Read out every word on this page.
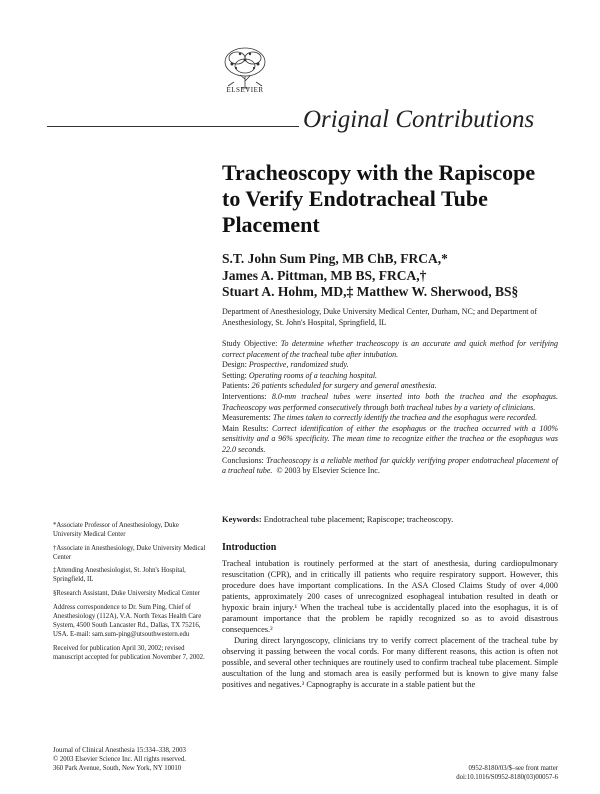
ELSEVIER
Original Contributions
Tracheoscopy with the Rapiscope to Verify Endotracheal Tube Placement
S.T. John Sum Ping, MB ChB, FRCA,*
James A. Pittman, MB BS, FRCA,†
Stuart A. Hohm, MD,‡ Matthew W. Sherwood, BS§
Department of Anesthesiology, Duke University Medical Center, Durham, NC; and Department of Anesthesiology, St. John's Hospital, Springfield, IL

Study Objective: To determine whether tracheoscopy is an accurate and quick method for verifying correct placement of the tracheal tube after intubation.

Design: Prospective, randomized study.

Setting: Operating rooms of a teaching hospital.

Patients: 26 patients scheduled for surgery and general anesthesia.

Interventions: 8.0-mm tracheal tubes were inserted into both the trachea and the esophagus. Tracheoscopy was performed consecutively through both tracheal tubes by a variety of clinicians.

Measurements: The times taken to correctly identify the trachea and the esophagus were recorded.

Main Results: Correct identification of either the esophagus or the trachea occurred with a 100% sensitivity and a 96% specificity. The mean time to recognize either the trachea or the esophagus was 22.0 seconds.

Conclusions: Tracheoscopy is a reliable method for quickly verifying proper endotracheal placement of a tracheal tube. © 2003 by Elsevier Science Inc.

Keywords: Endotracheal tube placement; Rapiscope; tracheoscopy.
Introduction

Tracheal intubation is routinely performed at the start of anesthesia, during cardiopulmonary resuscitation (CPR), and in critically ill patients who require respiratory support. However, this procedure does have important complications. In the ASA Closed Claims Study of over 4,000 patients, approximately 200 cases of unrecognized esophageal intubation resulted in death or hypoxic brain injury.¹ When the tracheal tube is accidentally placed into the esophagus, it is of paramount importance that the problem be rapidly recognized so as to avoid disastrous consequences.²

During direct laryngoscopy, clinicians try to verify correct placement of the tracheal tube by observing it passing between the vocal cords. For many different reasons, this action is often not possible, and several other techniques are routinely used to confirm tracheal tube placement. Simple auscultation of the lung and stomach area is easily performed but is known to give many false positives and negatives.³ Capnography is accurate in a stable patient but the

*Associate Professor of Anesthesiology, Duke University Medical Center

†Associate in Anesthesiology, Duke University Medical Center

‡Attending Anesthesiologist, St. John's Hospital, Springfield, IL

§Research Assistant, Duke University Medical Center

Address correspondence to Dr. Sum Ping, Chief of Anesthesiology (112A), V.A. North Texas Health Care System, 4500 South Lancaster Rd., Dallas, TX 75216, USA. E-mail: sam.sum-ping@utsouthwestern.edu

Received for publication April 30, 2002; revised manuscript accepted for publication November 7, 2002.

Journal of Clinical Anesthesia 15:334–338, 2003
© 2003 Elsevier Science Inc. All rights reserved.
360 Park Avenue, South, New York, NY 10010	0952-8180/03/$–see front matter
doi:10.1016/S0952-8180(03)00057-6
